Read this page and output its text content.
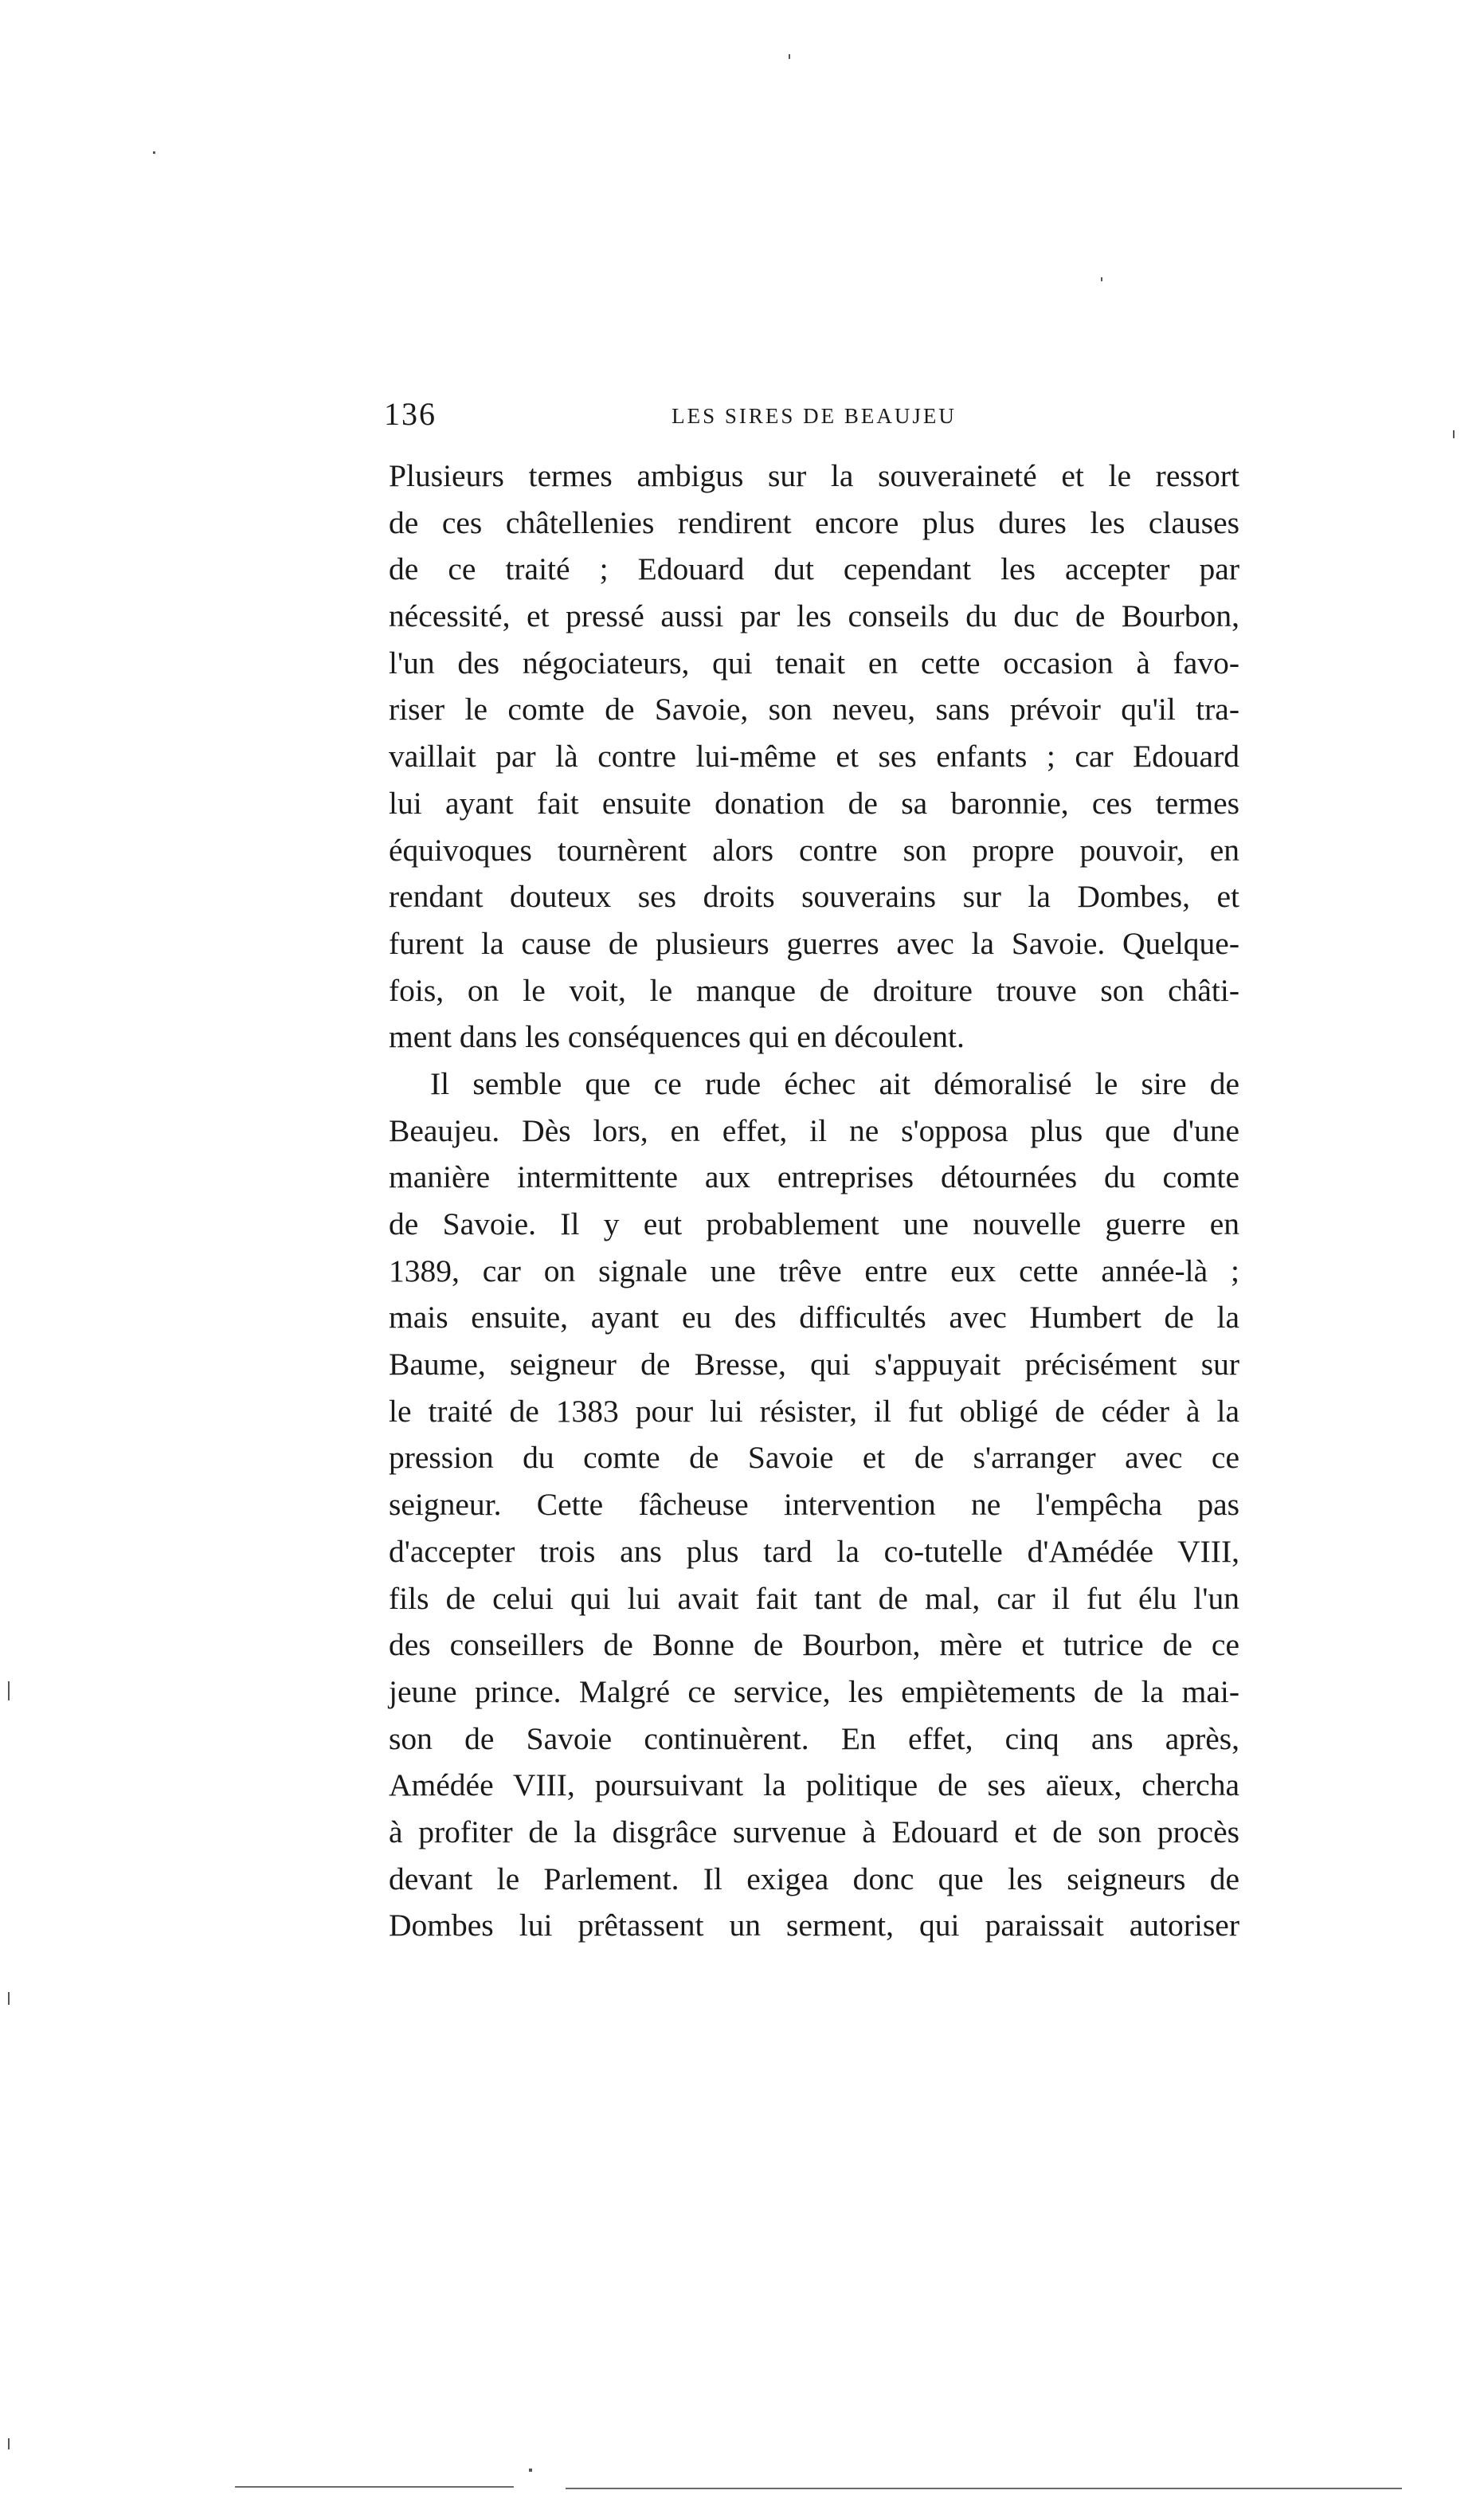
136	LES SIRES DE BEAUJEU
Plusieurs termes ambigus sur la souveraineté et le ressort
de ces châtellenies rendirent encore plus dures les clauses
de ce traité ; Edouard dut cependant les accepter par
nécessité, et pressé aussi par les conseils du duc de Bourbon,
l'un des négociateurs, qui tenait en cette occasion à favo-
riser le comte de Savoie, son neveu, sans prévoir qu'il tra-
vaillait par là contre lui-même et ses enfants ; car Edouard
lui ayant fait ensuite donation de sa baronnie, ces termes
équivoques tournèrent alors contre son propre pouvoir, en
rendant douteux ses droits souverains sur la Dombes, et
furent la cause de plusieurs guerres avec la Savoie. Quelque-
fois, on le voit, le manque de droiture trouve son châti-
ment dans les conséquences qui en découlent.
Il semble que ce rude échec ait démoralisé le sire de
Beaujeu. Dès lors, en effet, il ne s'opposa plus que d'une
manière intermittente aux entreprises détournées du comte
de Savoie. Il y eut probablement une nouvelle guerre en
1389, car on signale une trêve entre eux cette année-là ;
mais ensuite, ayant eu des difficultés avec Humbert de la
Baume, seigneur de Bresse, qui s'appuyait précisément sur
le traité de 1383 pour lui résister, il fut obligé de céder à la
pression du comte de Savoie et de s'arranger avec ce
seigneur. Cette fâcheuse intervention ne l'empêcha pas
d'accepter trois ans plus tard la co-tutelle d'Amédée VIII,
fils de celui qui lui avait fait tant de mal, car il fut élu l'un
des conseillers de Bonne de Bourbon, mère et tutrice de ce
jeune prince. Malgré ce service, les empiètements de la mai-
son de Savoie continuèrent. En effet, cinq ans après,
Amédée VIII, poursuivant la politique de ses aïeux, chercha
à profiter de la disgrâce survenue à Edouard et de son procès
devant le Parlement. Il exigea donc que les seigneurs de
Dombes lui prêtassent un serment, qui paraissait autoriser
